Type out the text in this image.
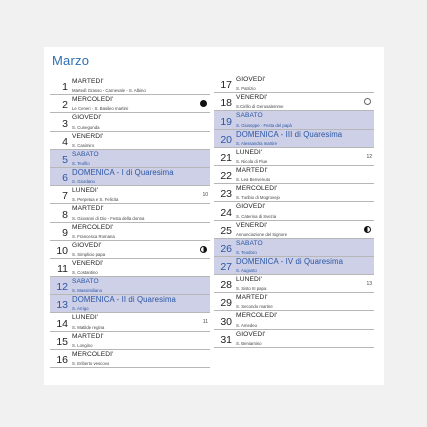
Marzo
1 MARTEDI'
Martedì Grasso - Carnevale - S. Albino
2 MERCOLEDI'
Le Ceneri - S. Basileo martire
3 GIOVEDI'
S. Cunegonda
4 VENERDI'
S. Casimiro
5 SABATO
S. Teofilo
6 DOMENICA - I di Quaresima
S. Giordano
7 LUNEDI'
S. Perpetua e S. Felicita
10
8 MARTEDI'
S. Giovanni di Dio - Festa della donna
9 MERCOLEDI'
S. Francesca Romana
10 GIOVEDI'
S. Simplicio papa
11 VENERDI'
S. Costantino
12 SABATO
S. Massimiliano
13 DOMENICA - II di Quaresima
S. Arrigo
14 LUNEDI'
S. Matilde regina
11
15 MARTEDI'
S. Longino
16 MERCOLEDI'
S. Eriberto vescovo
17 GIOVEDI'
S. Patrizio
18 VENERDI'
S.Cirillo di Gerusalemme
19 SABATO
S. Giuseppe - Festa del papà
20 DOMENICA - III di Quaresima
S. Alessandra martire
21 LUNEDI'
S. Nicola di Flue
12
22 MARTEDI'
S. Lea Benvenuto
23 MERCOLEDI'
S. Turibio di Mogrovejo
24 GIOVEDI'
S. Caterina di Svezia
25 VENERDI'
Annunciazione del Signore
26 SABATO
S. Teodoro
27 DOMENICA - IV di Quaresima
S. Augusto
28 LUNEDI'
S. Sisto III papa
13
29 MARTEDI'
S. Secondo martire
30 MERCOLEDI'
S. Amedeo
31 GIOVEDI'
S. Beniamino
